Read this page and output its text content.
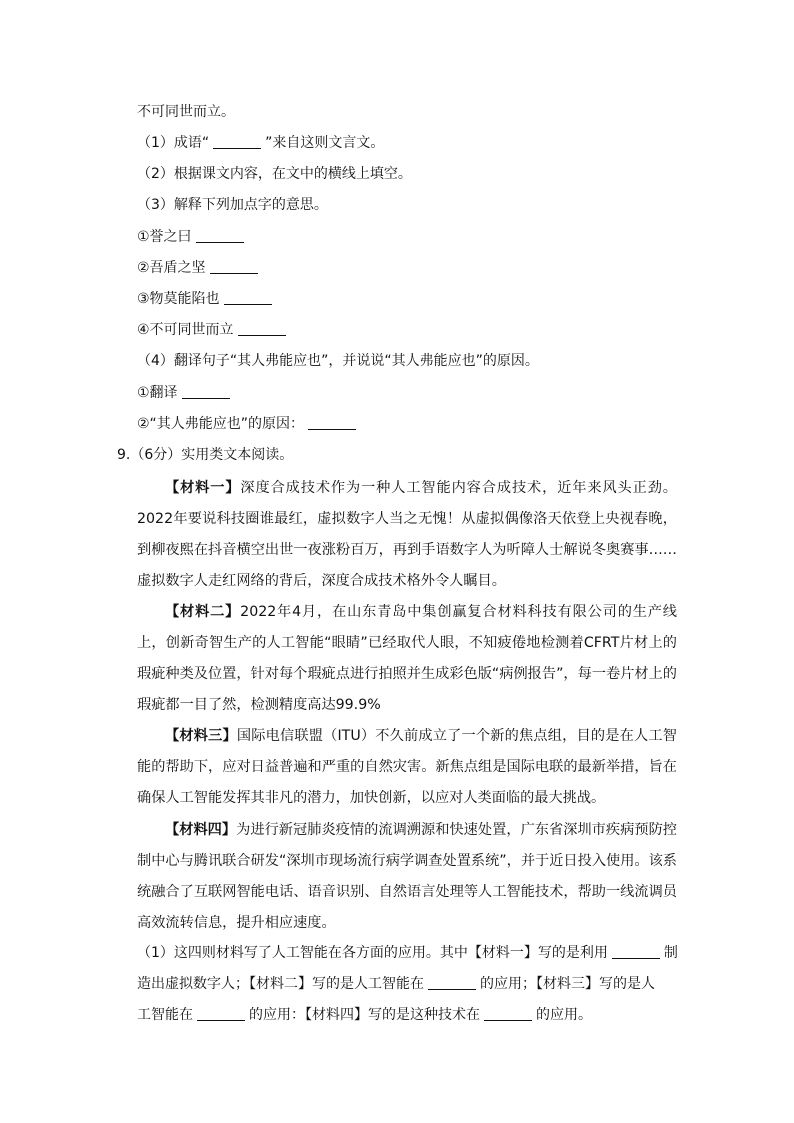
不可同世而立。
（1）成语“	”来自这则文言文。
（2）根据课文内容，在文中的横线上填空。
（3）解释下列加点字的意思。
①誉之曰
②吾盾之坚
③物莫能陷也
④不可同世而立
（4）翻译句子“其人弗能应也”，并说说“其人弗能应也”的原因。
①翻译
②“其人弗能应也”的原因：
9.（6分）实用类文本阅读。
【材料一】深度合成技术作为一种人工智能内容合成技术，近年来风头正劲。2022年要说科技圈谁最红，虚拟数字人当之无愧！从虚拟偶像洛天依登上央视春晚，到柳夜熙在抖音横空出世一夜涨粉百万，再到手语数字人为听障人士解说冬奥赛事……虚拟数字人走红网络的背后，深度合成技术格外令人瞩目。
【材料二】2022年4月，在山东青岛中集创赢复合材料科技有限公司的生产线上，创新奇智生产的人工智能“眼睛”已经取代人眼，不知疲倦地检测着CFRT片材上的瑕疵种类及位置，针对每个瑕疵点进行拍照并生成彩色版“病例报告”，每一卷片材上的瑕疵都一目了然，检测精度高达99.9%
【材料三】国际电信联盟（ITU）不久前成立了一个新的焦点组，目的是在人工智能的帮助下，应对日益普遍和严重的自然灾害。新焦点组是国际电联的最新举措，旨在确保人工智能发挥其非凡的潜力，加快创新，以应对人类面临的最大挑战。
【材料四】为进行新冠肺炎疫情的流调溯源和快速处置，广东省深圳市疾病预防控制中心与腾讯联合研发“深圳市现场流行病学调查处置系统”，并于近日投入使用。该系统融合了互联网智能电话、语音识别、自然语言处理等人工智能技术，帮助一线流调员高效流转信息，提升相应速度。
（1）这四则材料写了人工智能在各方面的应用。其中【材料一】写的是利用	制
造出虚拟数字人；【材料二】写的是人工智能在	的应用；【材料三】写的是人
工智能在	的应用：【材料四】写的是这种技术在	的应用。
